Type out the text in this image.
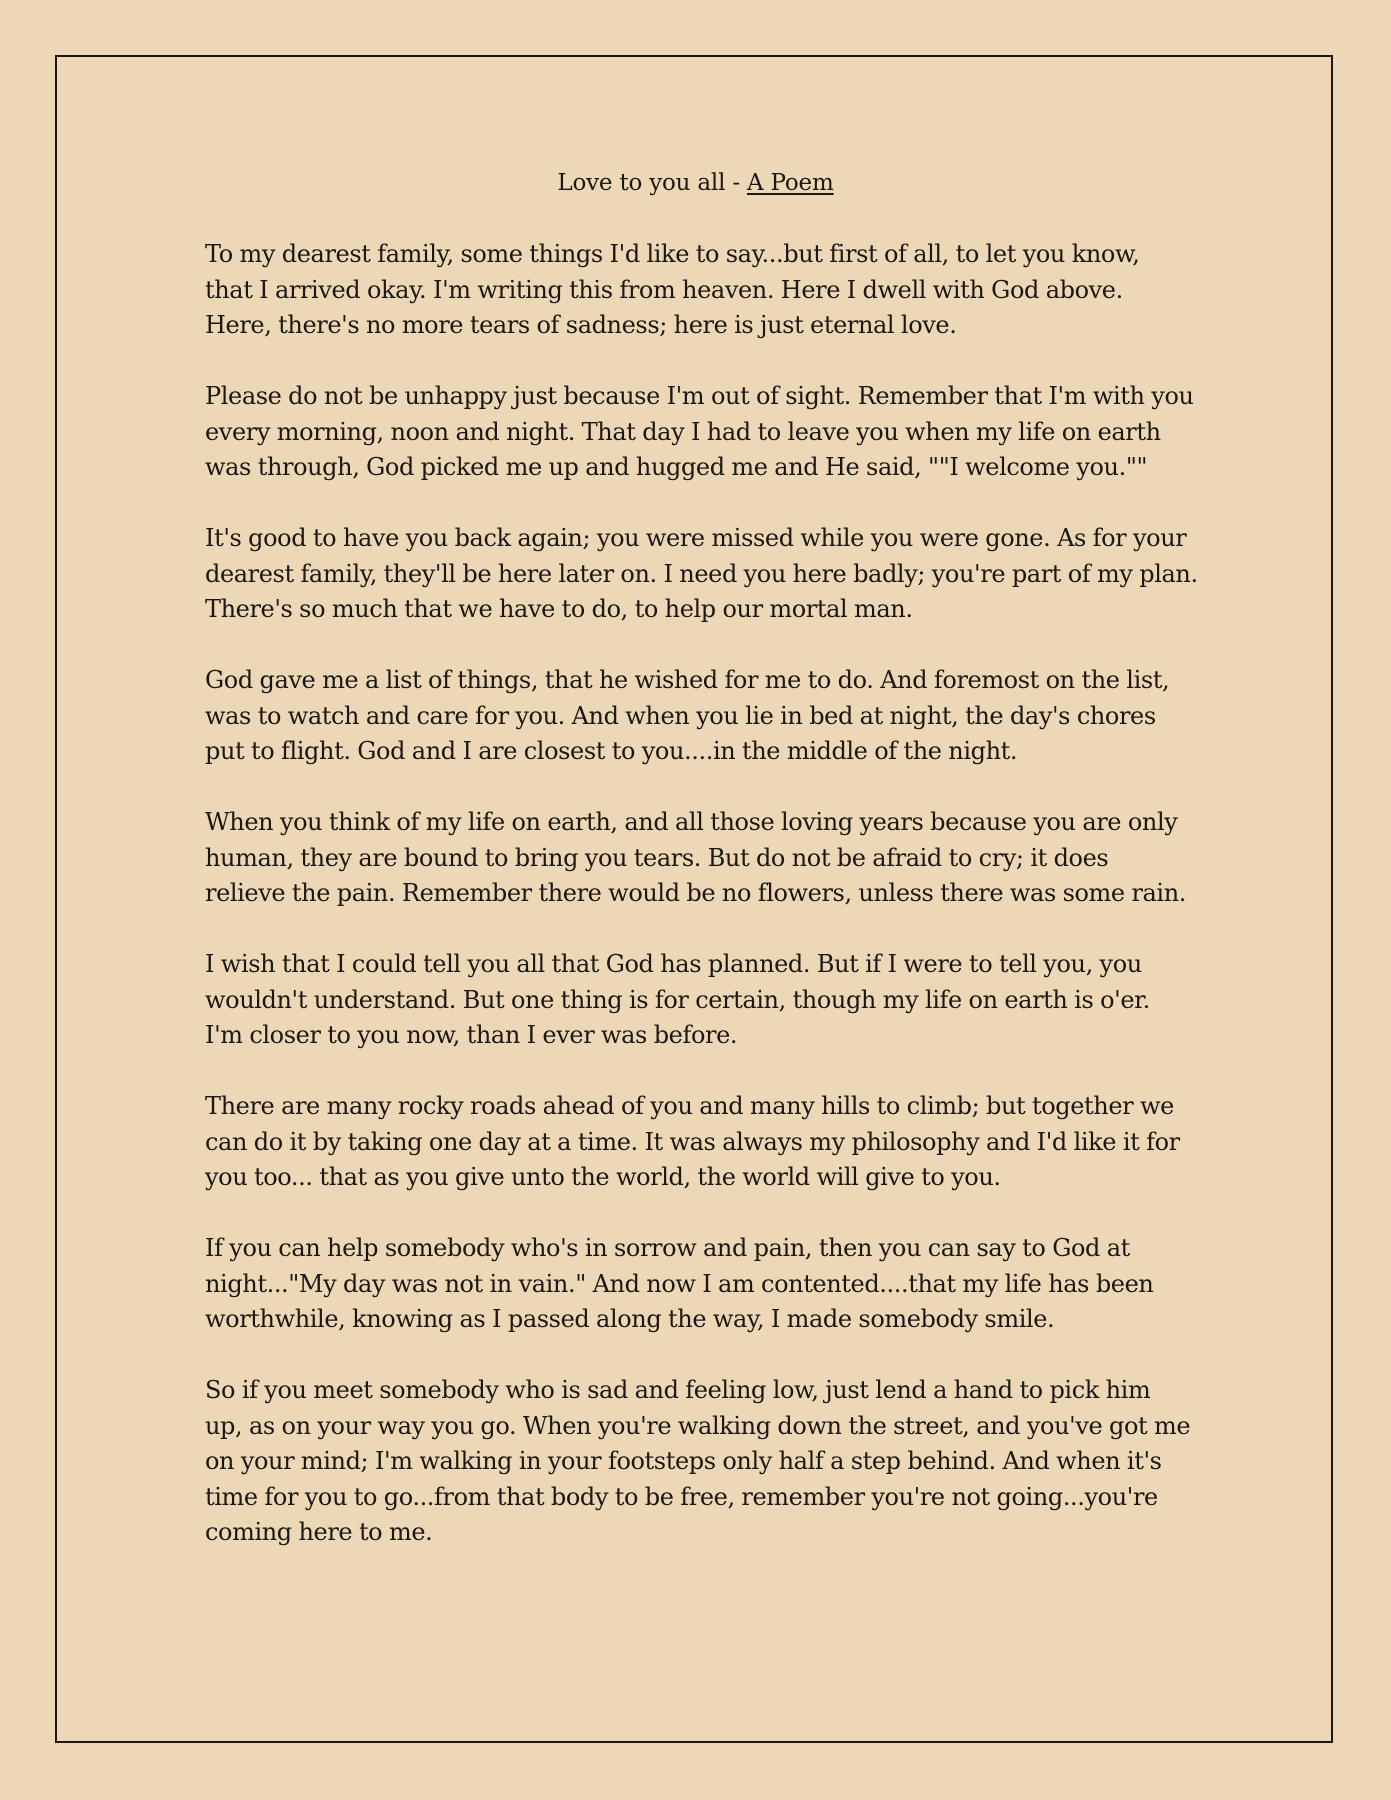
Love to you all - A Poem

To my dearest family, some things I'd like to say...but first of all, to let you know,
that I arrived okay. I'm writing this from heaven. Here I dwell with God above.
Here, there's no more tears of sadness; here is just eternal love.

Please do not be unhappy just because I'm out of sight. Remember that I'm with you
every morning, noon and night. That day I had to leave you when my life on earth
was through, God picked me up and hugged me and He said, ""I welcome you.""

It's good to have you back again; you were missed while you were gone. As for your
dearest family, they'll be here later on. I need you here badly; you're part of my plan.
There's so much that we have to do, to help our mortal man.

God gave me a list of things, that he wished for me to do. And foremost on the list,
was to watch and care for you. And when you lie in bed at night, the day's chores
put to flight. God and I are closest to you....in the middle of the night.

When you think of my life on earth, and all those loving years because you are only
human, they are bound to bring you tears. But do not be afraid to cry; it does
relieve the pain. Remember there would be no flowers, unless there was some rain.

I wish that I could tell you all that God has planned. But if I were to tell you, you
wouldn't understand. But one thing is for certain, though my life on earth is o'er.
I'm closer to you now, than I ever was before.

There are many rocky roads ahead of you and many hills to climb; but together we
can do it by taking one day at a time. It was always my philosophy and I'd like it for
you too... that as you give unto the world, the world will give to you.

If you can help somebody who's in sorrow and pain, then you can say to God at
night..."My day was not in vain." And now I am contented....that my life has been
worthwhile, knowing as I passed along the way, I made somebody smile.

So if you meet somebody who is sad and feeling low, just lend a hand to pick him
up, as on your way you go. When you're walking down the street, and you've got me
on your mind; I'm walking in your footsteps only half a step behind. And when it's
time for you to go...from that body to be free, remember you're not going...you're
coming here to me.
